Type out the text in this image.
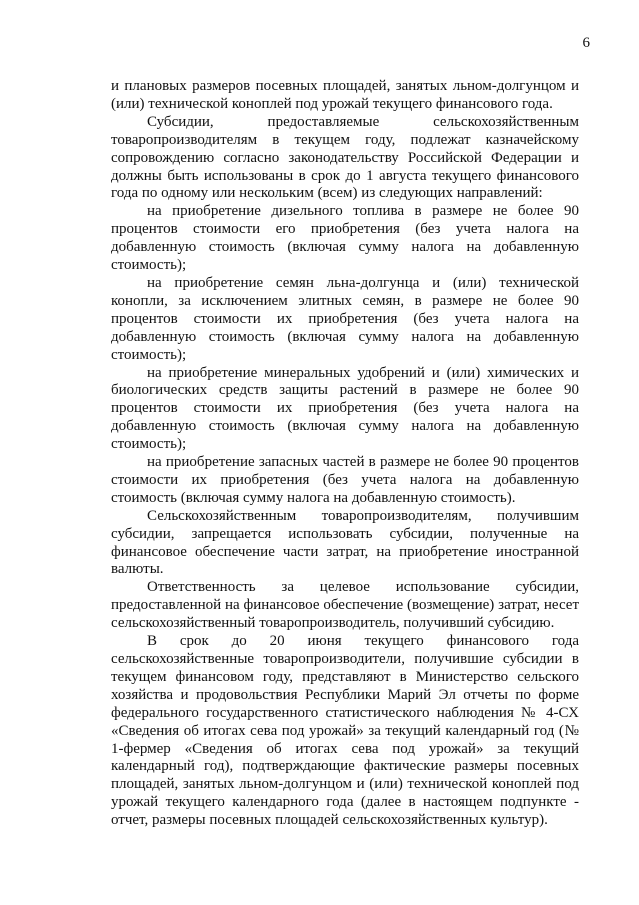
6

и плановых размеров посевных площадей, занятых льном-долгунцом и (или) технической коноплей под урожай текущего финансового года.

Субсидии, предоставляемые сельскохозяйственным товаропроизводителям в текущем году, подлежат казначейскому сопровождению согласно законодательству Российской Федерации и должны быть использованы в срок до 1 августа текущего финансового года по одному или нескольким (всем) из следующих направлений:

на приобретение дизельного топлива в размере не более 90 процентов стоимости его приобретения (без учета налога на добавленную стоимость (включая сумму налога на добавленную стоимость);

на приобретение семян льна-долгунца и (или) технической конопли, за исключением элитных семян, в размере не более 90 процентов стоимости их приобретения (без учета налога на добавленную стоимость (включая сумму налога на добавленную стоимость);

на приобретение минеральных удобрений и (или) химических и биологических средств защиты растений в размере не более 90 процентов стоимости их приобретения (без учета налога на добавленную стоимость (включая сумму налога на добавленную стоимость);

на приобретение запасных частей в размере не более 90 процентов стоимости их приобретения (без учета налога на добавленную стоимость (включая сумму налога на добавленную стоимость).

Сельскохозяйственным товаропроизводителям, получившим субсидии, запрещается использовать субсидии, полученные на финансовое обеспечение части затрат, на приобретение иностранной валюты.

Ответственность за целевое использование субсидии, предоставленной на финансовое обеспечение (возмещение) затрат, несет сельскохозяйственный товаропроизводитель, получивший субсидию.

В срок до 20 июня текущего финансового года сельскохозяйственные товаропроизводители, получившие субсидии в текущем финансовом году, представляют в Министерство сельского хозяйства и продовольствия Республики Марий Эл отчеты по форме федерального государственного статистического наблюдения № 4-СХ «Сведения об итогах сева под урожай» за текущий календарный год (№ 1-фермер «Сведения об итогах сева под урожай» за текущий календарный год), подтверждающие фактические размеры посевных площадей, занятых льном-долгунцом и (или) технической коноплей под урожай текущего календарного года (далее в настоящем подпункте - отчет, размеры посевных площадей сельскохозяйственных культур).
